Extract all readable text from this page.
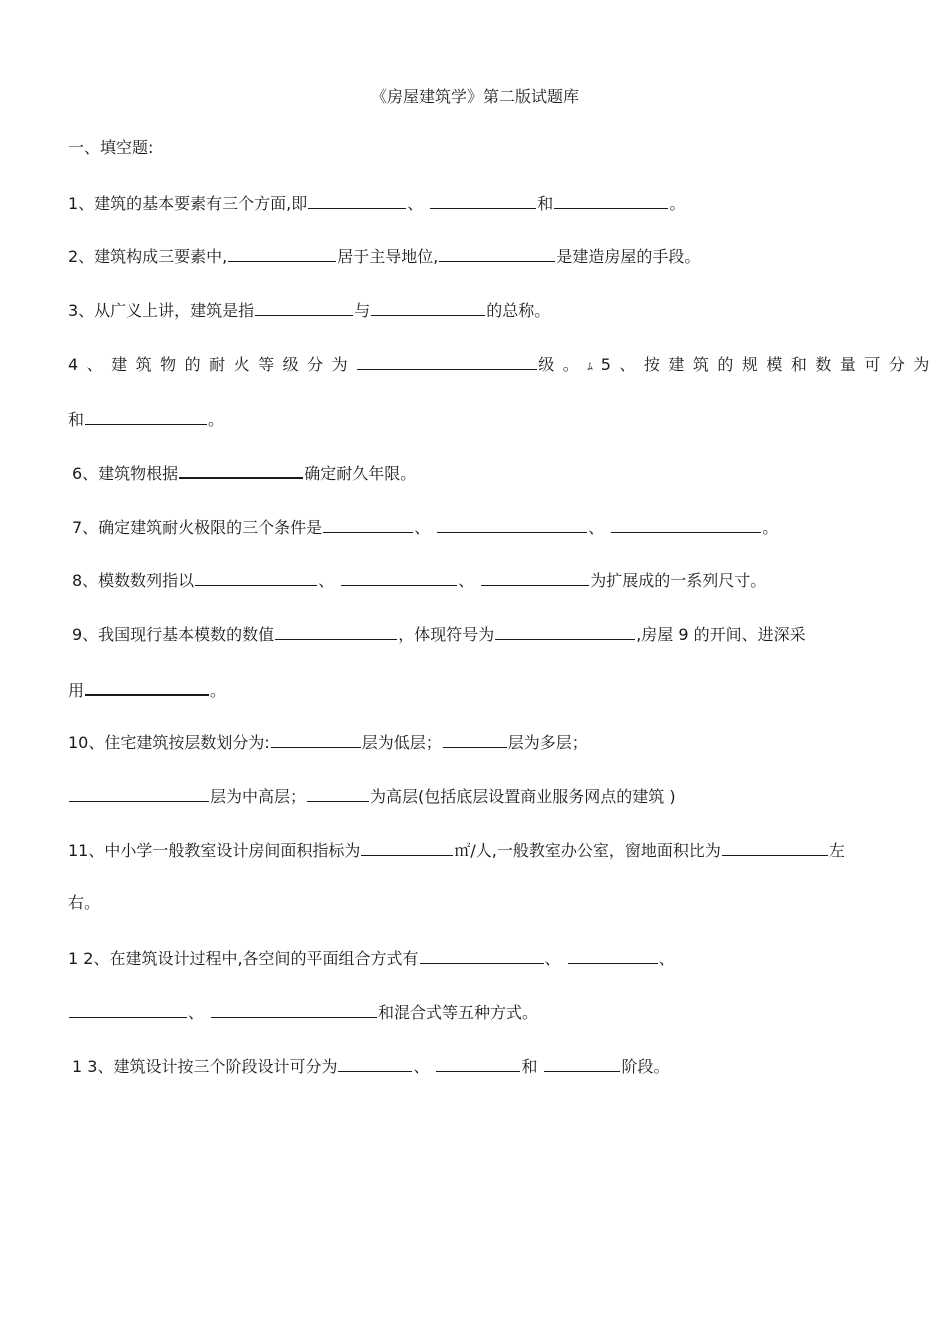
《房屋建筑学》第二版试题库
一、填空题:
1、建筑的基本要素有三个方面,即	、	和	。
2、建筑构成三要素中,	居于主导地位,	是建造房屋的手段。
3、从广义上讲，建筑是指	与	的总称。
4、建筑物的耐火等级分为	级。ﾑ 5、按建筑的规模和数量可分为
和	。
6、建筑物根据	确定耐久年限。
7、确定建筑耐火极限的三个条件是	、	、	。
8、模数数列指以	、	、	为扩展成的一系列尺寸。
9、我国现行基本模数的数值	，体现符号为	,房屋 9 的开间、进深采
用	。
10、住宅建筑按层数划分为:	层为低层；	层为多层；
层为中高层；	为高层(包括底层设置商业服务网点的建筑 )
11、中小学一般教室设计房间面积指标为	㎡/人,一般教室办公室，窗地面积比为	左
右。
1 2、在建筑设计过程中,各空间的平面组合方式有	、	、
、	和混合式等五种方式。
1 3、建筑设计按三个阶段设计可分为	、	和	阶段。
